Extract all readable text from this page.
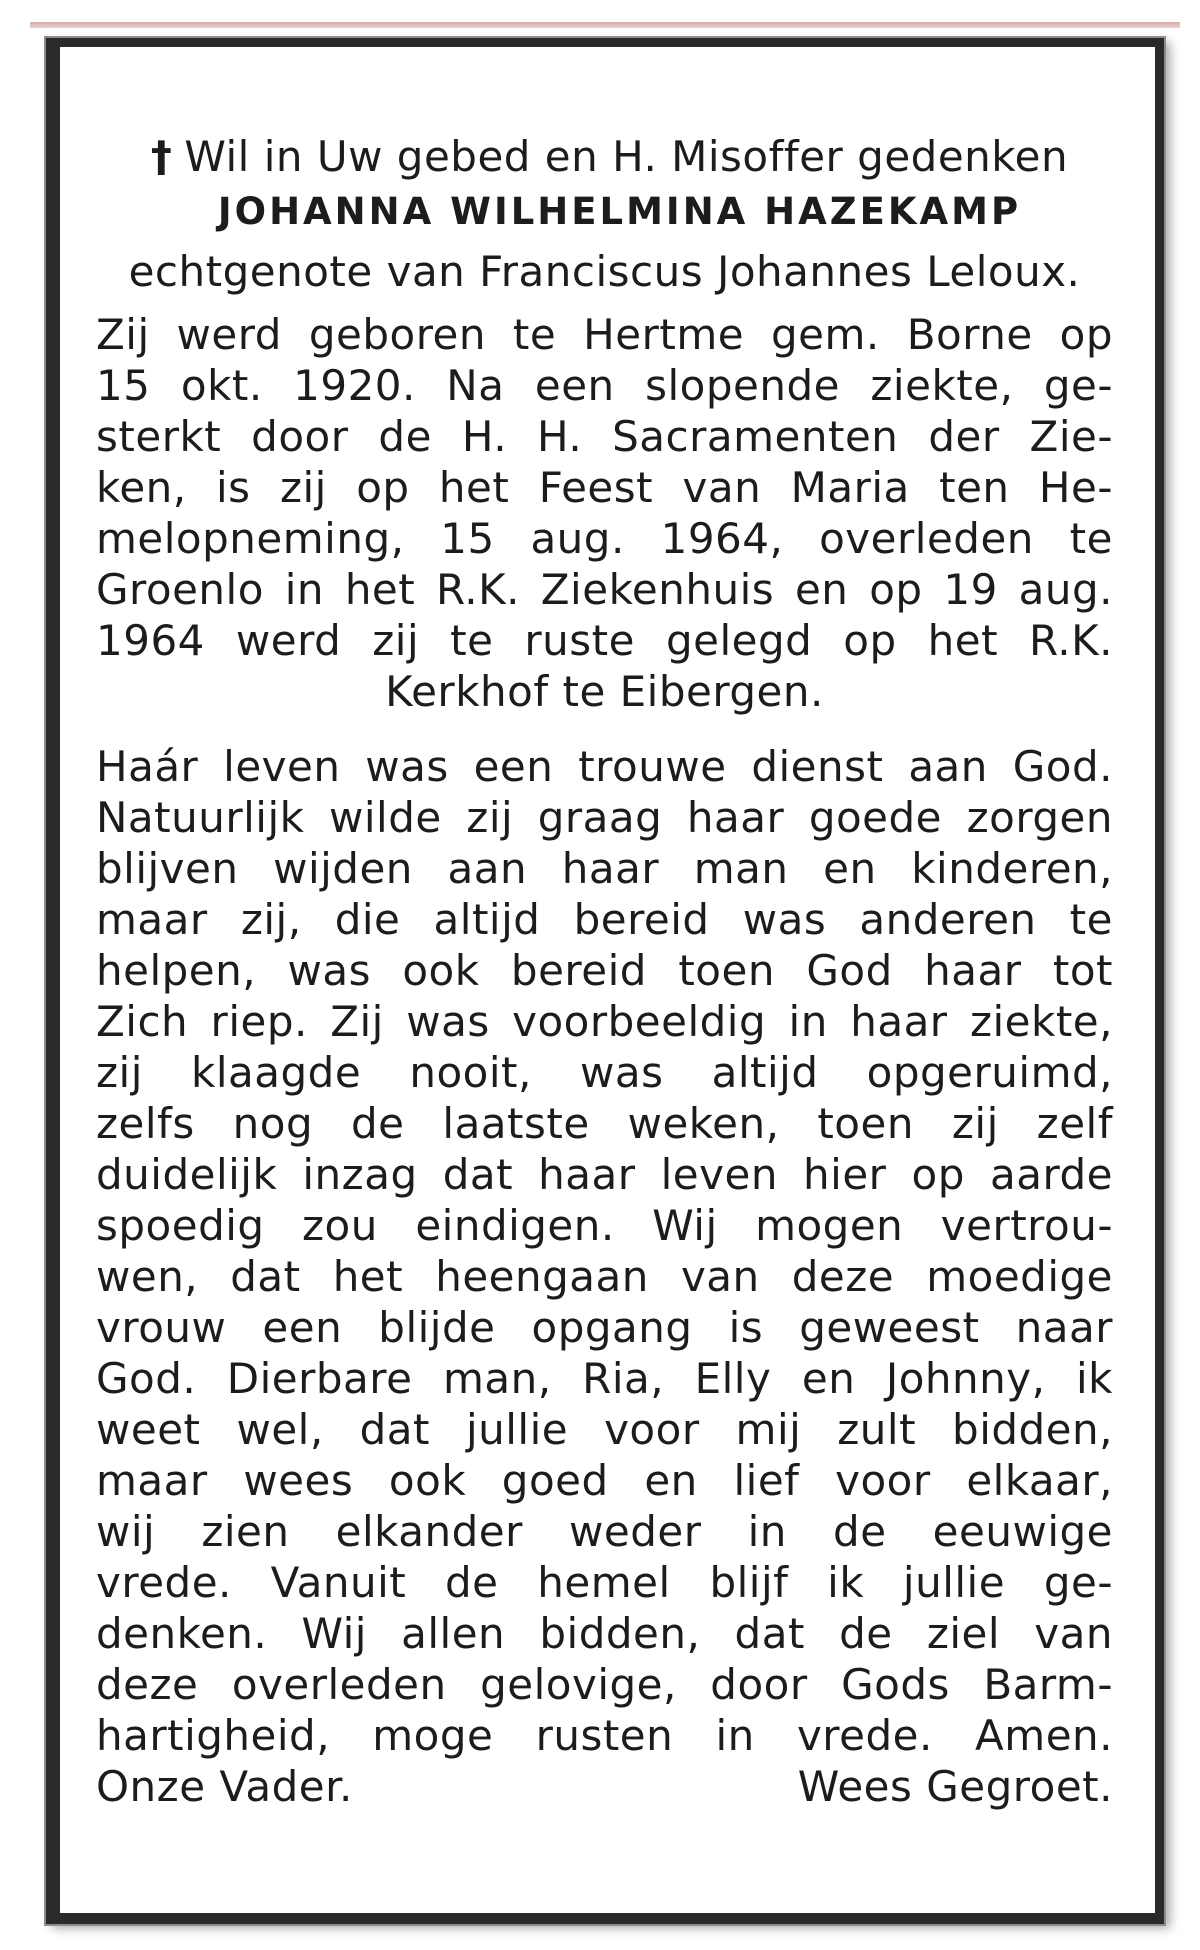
† Wil in Uw gebed en H. Misoffer gedenken
JOHANNA WILHELMINA HAZEKAMP
echtgenote van Franciscus Johannes Leloux.
Zij werd geboren te Hertme gem. Borne op
15 okt. 1920. Na een slopende ziekte, ge-
sterkt door de H. H. Sacramenten der Zie-
ken, is zij op het Feest van Maria ten He-
melopneming, 15 aug. 1964, overleden te
Groenlo in het R.K. Ziekenhuis en op 19 aug.
1964 werd zij te ruste gelegd op het R.K.
Kerkhof te Eibergen.
Haár leven was een trouwe dienst aan God.
Natuurlijk wilde zij graag haar goede zorgen
blijven wijden aan haar man en kinderen,
maar zij, die altijd bereid was anderen te
helpen, was ook bereid toen God haar tot
Zich riep. Zij was voorbeeldig in haar ziekte,
zij klaagde nooit, was altijd opgeruimd,
zelfs nog de laatste weken, toen zij zelf
duidelijk inzag dat haar leven hier op aarde
spoedig zou eindigen. Wij mogen vertrou-
wen, dat het heengaan van deze moedige
vrouw een blijde opgang is geweest naar
God. Dierbare man, Ria, Elly en Johnny, ik
weet wel, dat jullie voor mij zult bidden,
maar wees ook goed en lief voor elkaar,
wij zien elkander weder in de eeuwige
vrede. Vanuit de hemel blijf ik jullie ge-
denken. Wij allen bidden, dat de ziel van
deze overleden gelovige, door Gods Barm-
hartigheid, moge rusten in vrede. Amen.
Onze Vader.	Wees Gegroet.
